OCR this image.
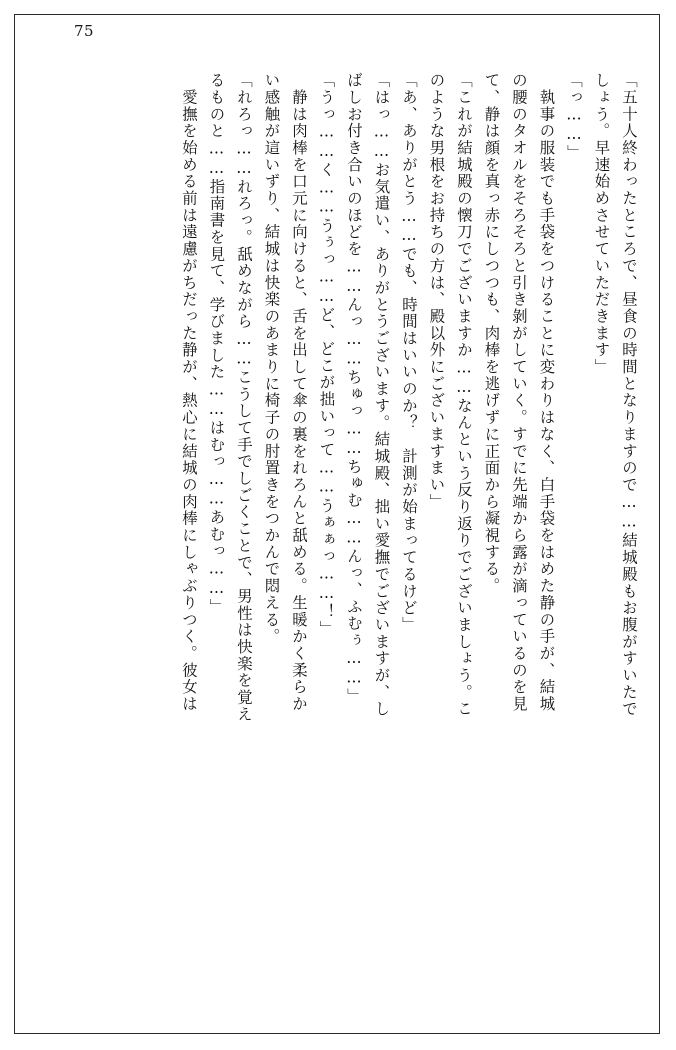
75
「五十人終わったところで、昼食の時間となりますので……結城殿もお腹がすいたで
しょう。早速始めさせていただきます」
「っ……」
　執事の服装でも手袋をつけることに変わりはなく、白手袋をはめた静の手が、結城
の腰のタオルをそろそろと引き剝がしていく。すでに先端から露が滴っているのを見
て、静は顔を真っ赤にしつつも、肉棒を逃げずに正面から凝視する。
「これが結城殿の懐刀でございますか……なんという反り返りでございましょう。こ
のような男根をお持ちの方は、殿以外にございますまい」
「あ、ありがとう……でも、時間はいいのか？　計測が始まってるけど」
「はっ……お気遣い、ありがとうございます。結城殿、拙い愛撫でございますが、し
ばしお付き合いのほどを……んっ……ちゅっ……ちゅむ……んっ、ふむぅ……」
「うっ……く……うぅっ……ど、どこが拙いって……うぁぁっ……！」
　静は肉棒を口元に向けると、舌を出して傘の裏をれろんと舐める。生暖かく柔らか
い感触が這いずり、結城は快楽のあまりに椅子の肘置きをつかんで悶える。
「れろっ……れろっ。舐めながら……こうして手でしごくことで、男性は快楽を覚え
るものと……指南書を見て、学びました……はむっ……あむっ……」
　愛撫を始める前は遠慮がちだった静が、熱心に結城の肉棒にしゃぶりつく。彼女は
